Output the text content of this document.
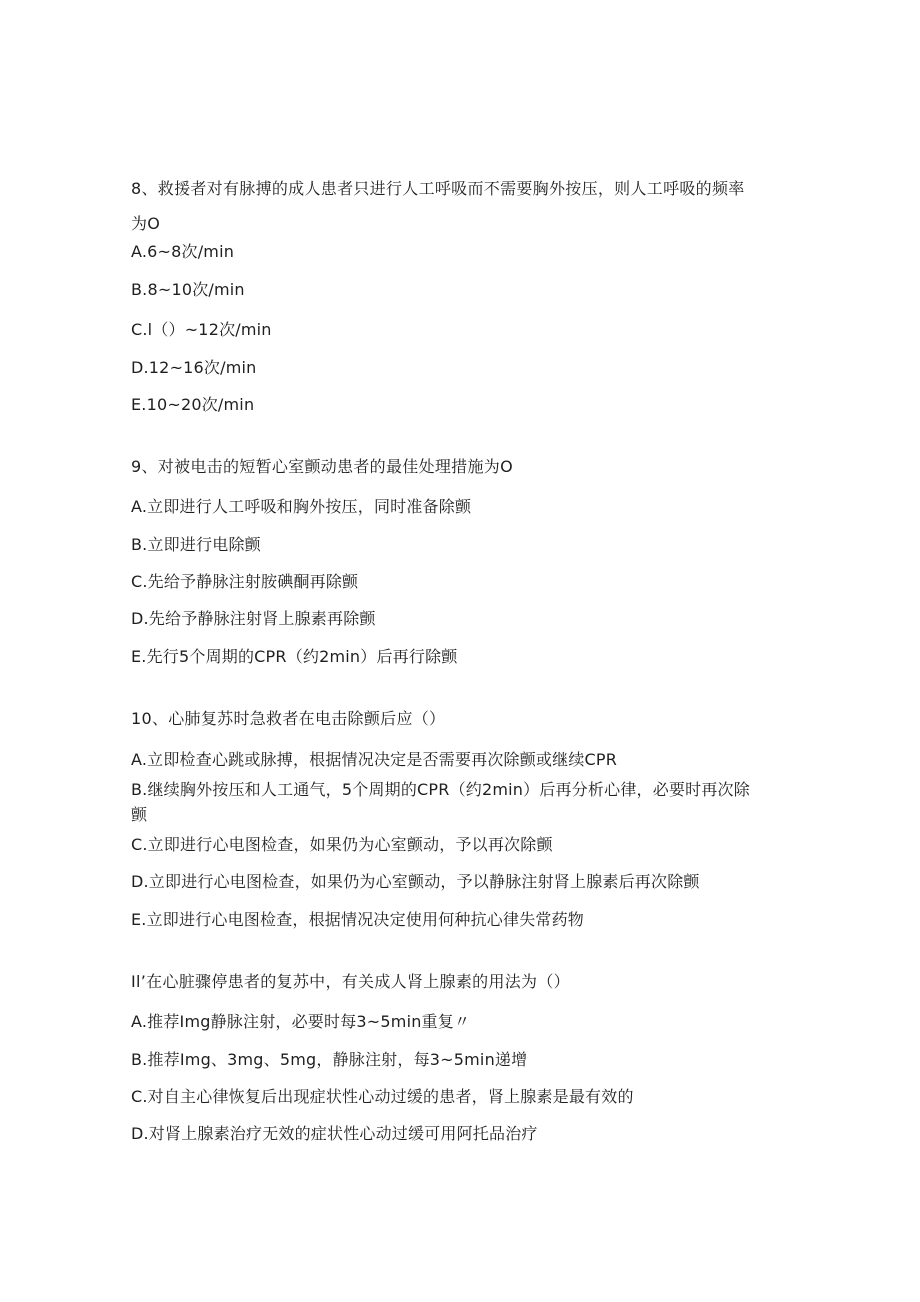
8、救援者对有脉搏的成人患者只进行人工呼吸而不需要胸外按压，则人工呼吸的频率
为O
A.6~8次/min
B.8~10次/min
C.l（）~12次/min
D.12~16次/min
E.10~20次/min
9、对被电击的短暂心室颤动患者的最佳处理措施为O
A.立即进行人工呼吸和胸外按压，同时准备除颤
B.立即进行电除颤
C.先给予静脉注射胺碘酮再除颤
D.先给予静脉注射肾上腺素再除颤
E.先行5个周期的CPR（约2min）后再行除颤
10、心肺复苏时急救者在电击除颤后应（）
A.立即检查心跳或脉搏，根据情况决定是否需要再次除颤或继续CPR
B.继续胸外按压和人工通气，5个周期的CPR（约2min）后再分析心律，必要时再次除
颤
C.立即进行心电图检查，如果仍为心室颤动，予以再次除颤
D.立即进行心电图检查，如果仍为心室颤动，予以静脉注射肾上腺素后再次除颤
E.立即进行心电图检查，根据情况决定使用何种抗心律失常药物
Il’在心脏骤停患者的复苏中，有关成人肾上腺素的用法为（）
A.推荐Img静脉注射，必要时每3~5min重复〃
B.推荐Img、3mg、5mg，静脉注射，每3~5min递增
C.对自主心律恢复后出现症状性心动过缓的患者，肾上腺素是最有效的
D.对肾上腺素治疗无效的症状性心动过缓可用阿托品治疗
